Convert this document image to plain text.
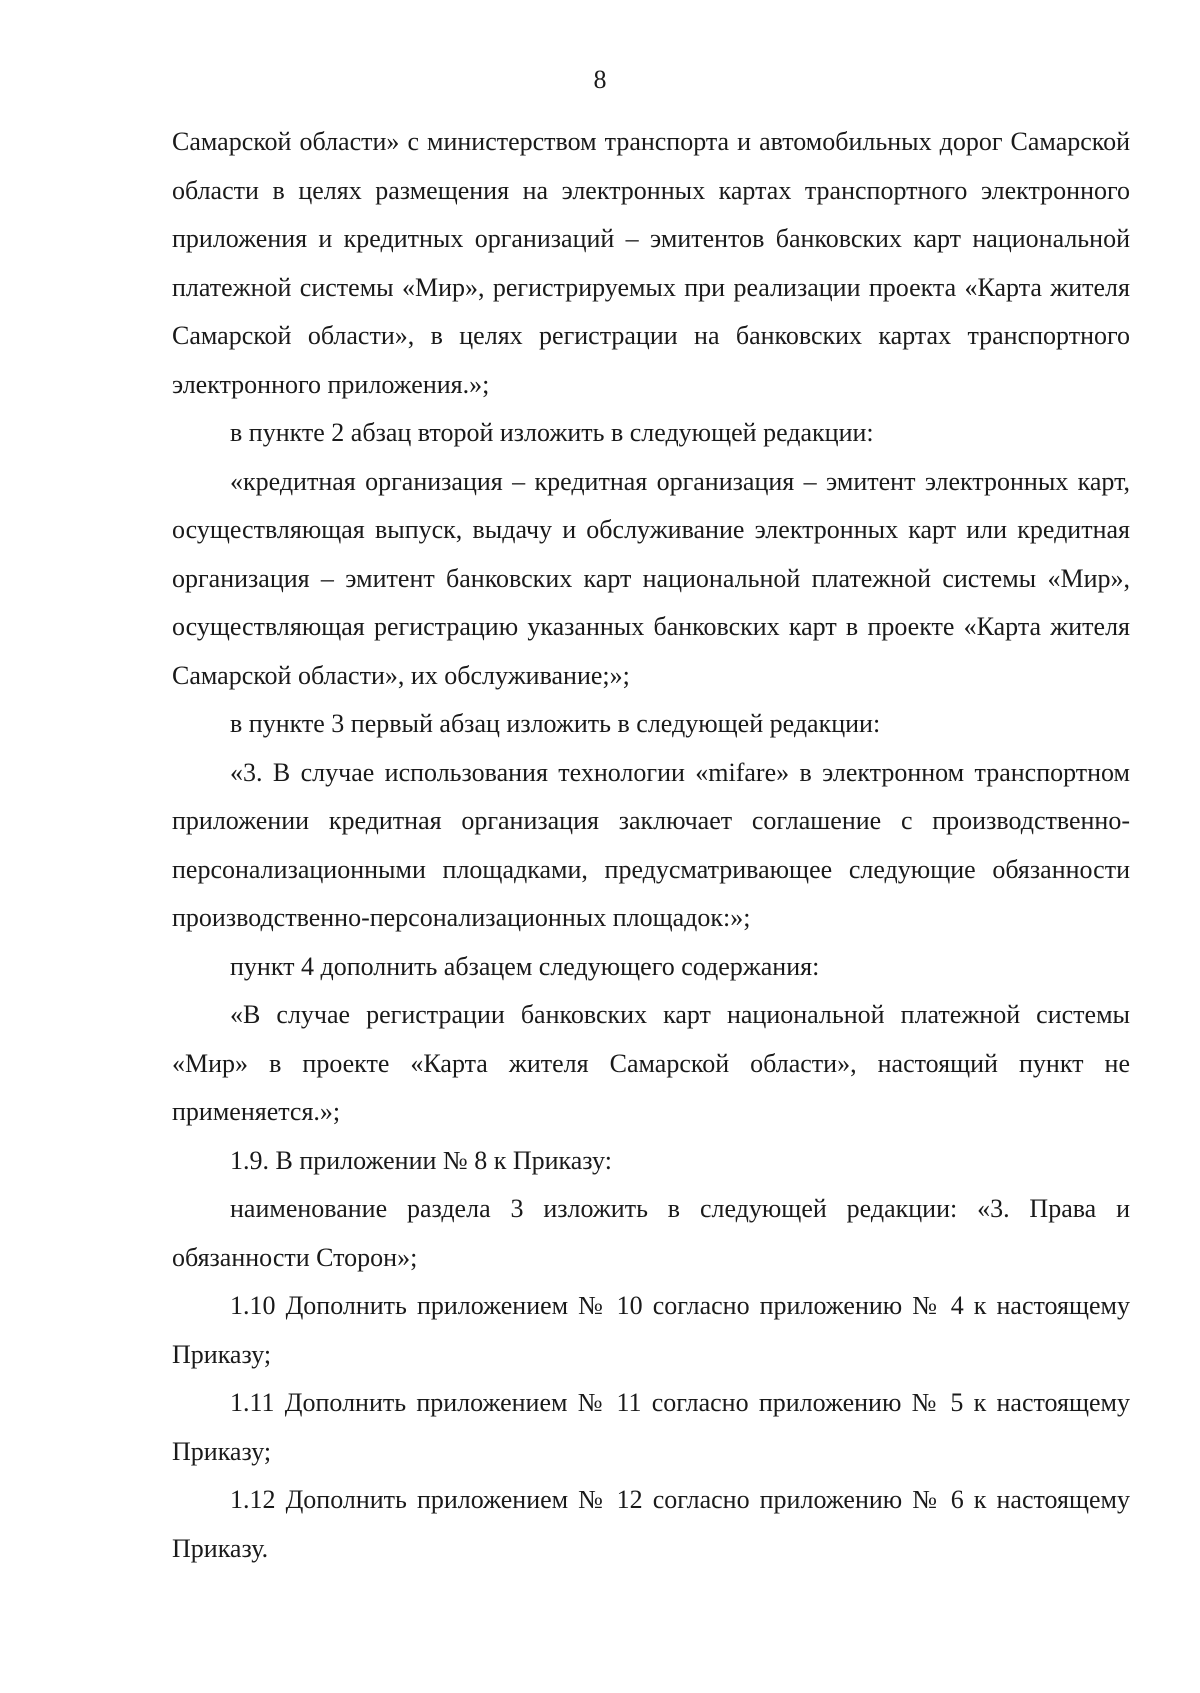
8

Самарской области» с министерством транспорта и автомобильных дорог Самарской области в целях размещения на электронных картах транспортного электронного приложения и кредитных организаций – эмитентов банковских карт национальной платежной системы «Мир», регистрируемых при реализации проекта «Карта жителя Самарской области», в целях регистрации на банковских картах транспортного электронного приложения.»;

в пункте 2 абзац второй изложить в следующей редакции:

«кредитная организация – кредитная организация – эмитент электронных карт, осуществляющая выпуск, выдачу и обслуживание электронных карт или кредитная организация – эмитент банковских карт национальной платежной системы «Мир», осуществляющая регистрацию указанных банковских карт в проекте «Карта жителя Самарской области», их обслуживание;»;

в пункте 3 первый абзац изложить в следующей редакции:

«3. В случае использования технологии «mifare» в электронном транспортном приложении кредитная организация заключает соглашение с производственно-персонализационными площадками, предусматривающее следующие обязанности производственно-персонализационных площадок:»;

пункт 4 дополнить абзацем следующего содержания:

«В случае регистрации банковских карт национальной платежной системы «Мир» в проекте «Карта жителя Самарской области», настоящий пункт не применяется.»;

1.9. В приложении № 8 к Приказу:

наименование раздела 3 изложить в следующей редакции: «3. Права и обязанности Сторон»;

1.10 Дополнить приложением № 10 согласно приложению № 4 к настоящему Приказу;

1.11 Дополнить приложением № 11 согласно приложению № 5 к настоящему Приказу;

1.12 Дополнить приложением № 12 согласно приложению № 6 к настоящему Приказу.
